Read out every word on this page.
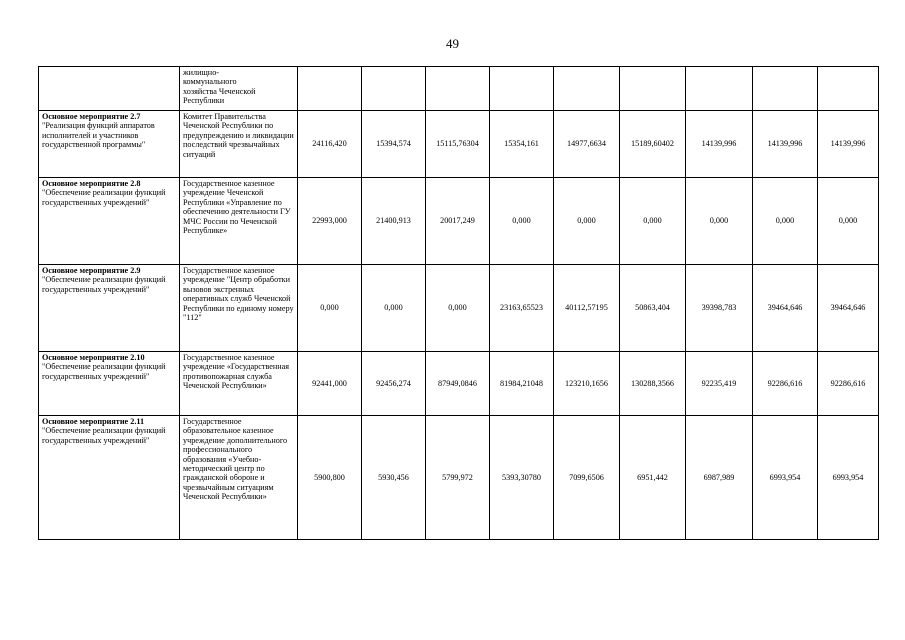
49
	жилищно-
коммунального
хозяйства Чеченской
Республики									
Основное мероприятие 2.7 "Реализация функций аппаратов исполнителей и участников государственной программы"	Комитет Правительства Чеченской Республики по предупреждению и ликвидации последствий чрезвычайных ситуаций	24116,420	15394,574	15115,76304	15354,161	14977,6634	15189,60402	14139,996	14139,996	14139,996
Основное мероприятие 2.8 "Обеспечение реализации функций государственных учреждений"	Государственное казенное учреждение Чеченской Республики «Управление по обеспечению деятельности ГУ МЧС России по Чеченской Республике»	22993,000	21400,913	20017,249	0,000	0,000	0,000	0,000	0,000	0,000
Основное мероприятие 2.9 "Обеспечение реализации функций государственных учреждений"	Государственное казенное учреждение "Центр обработки вызовов экстренных оперативных служб Чеченской Республики по единому номеру "112"	0,000	0,000	0,000	23163,65523	40112,57195	50863,404	39398,783	39464,646	39464,646
Основное мероприятие 2.10 "Обеспечение реализации функций государственных учреждений"	Государственное казенное учреждение «Государственная противопожарная служба Чеченской Республики»	92441,000	92456,274	87949,0846	81984,21048	123210,1656	130288,3566	92235,419	92286,616	92286,616
Основное мероприятие 2.11 "Обеспечение реализации функций государственных учреждений"	Государственное образовательное казенное учреждение дополнительного профессионального образования «Учебно-методический центр по гражданской обороне и чрезвычайным ситуациям Чеченской Республики»	5900,800	5930,456	5799,972	5393,30780	7099,6506	6951,442	6987,989	6993,954	6993,954
